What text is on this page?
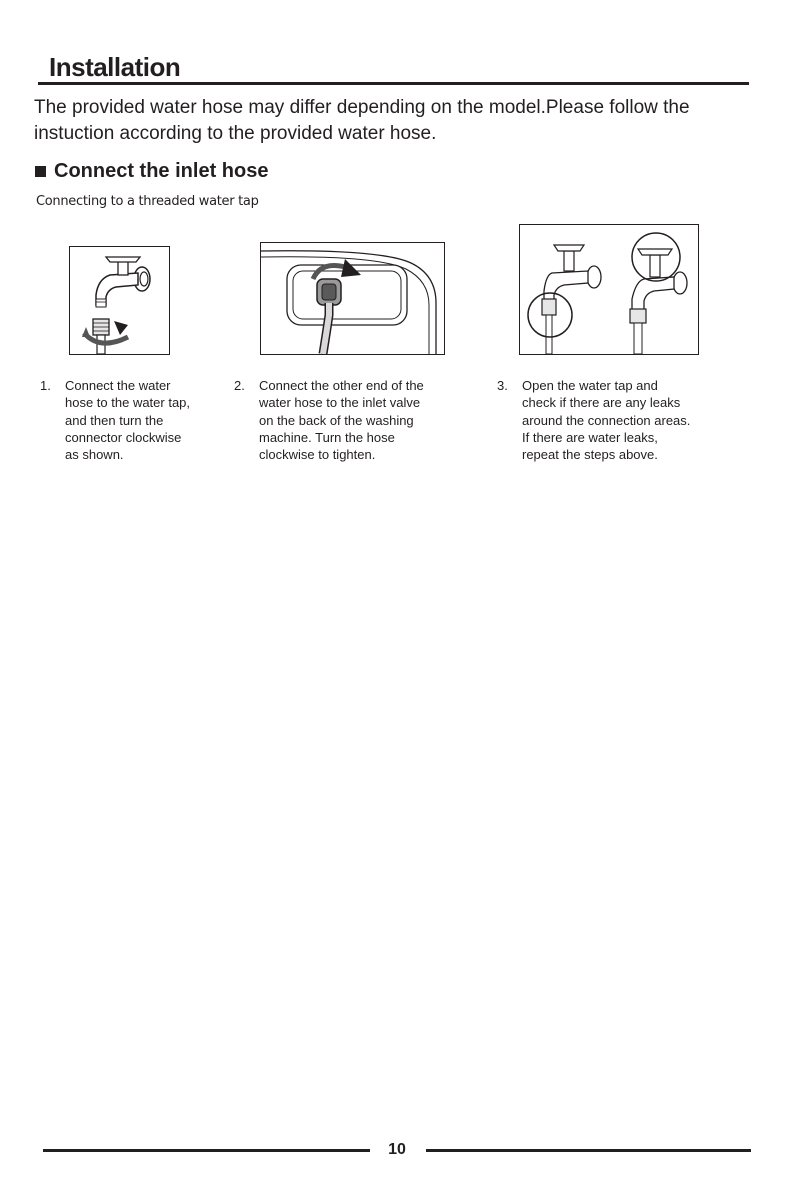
Installation

The provided water hose may differ depending on the model.Please follow the instuction according to the provided water hose.

Connect the inlet hose

Connecting to a threaded water tap

1.	Connect the water
hose to the water tap,
and then turn the
connector clockwise
as shown.
2.	Connect the other end of the
water hose to the inlet valve
on the back of the washing
machine. Turn the hose
clockwise to tighten.
3.	Open the water tap and
check if there are any leaks
around the connection areas.
If there are water leaks,
repeat the steps above.
10
